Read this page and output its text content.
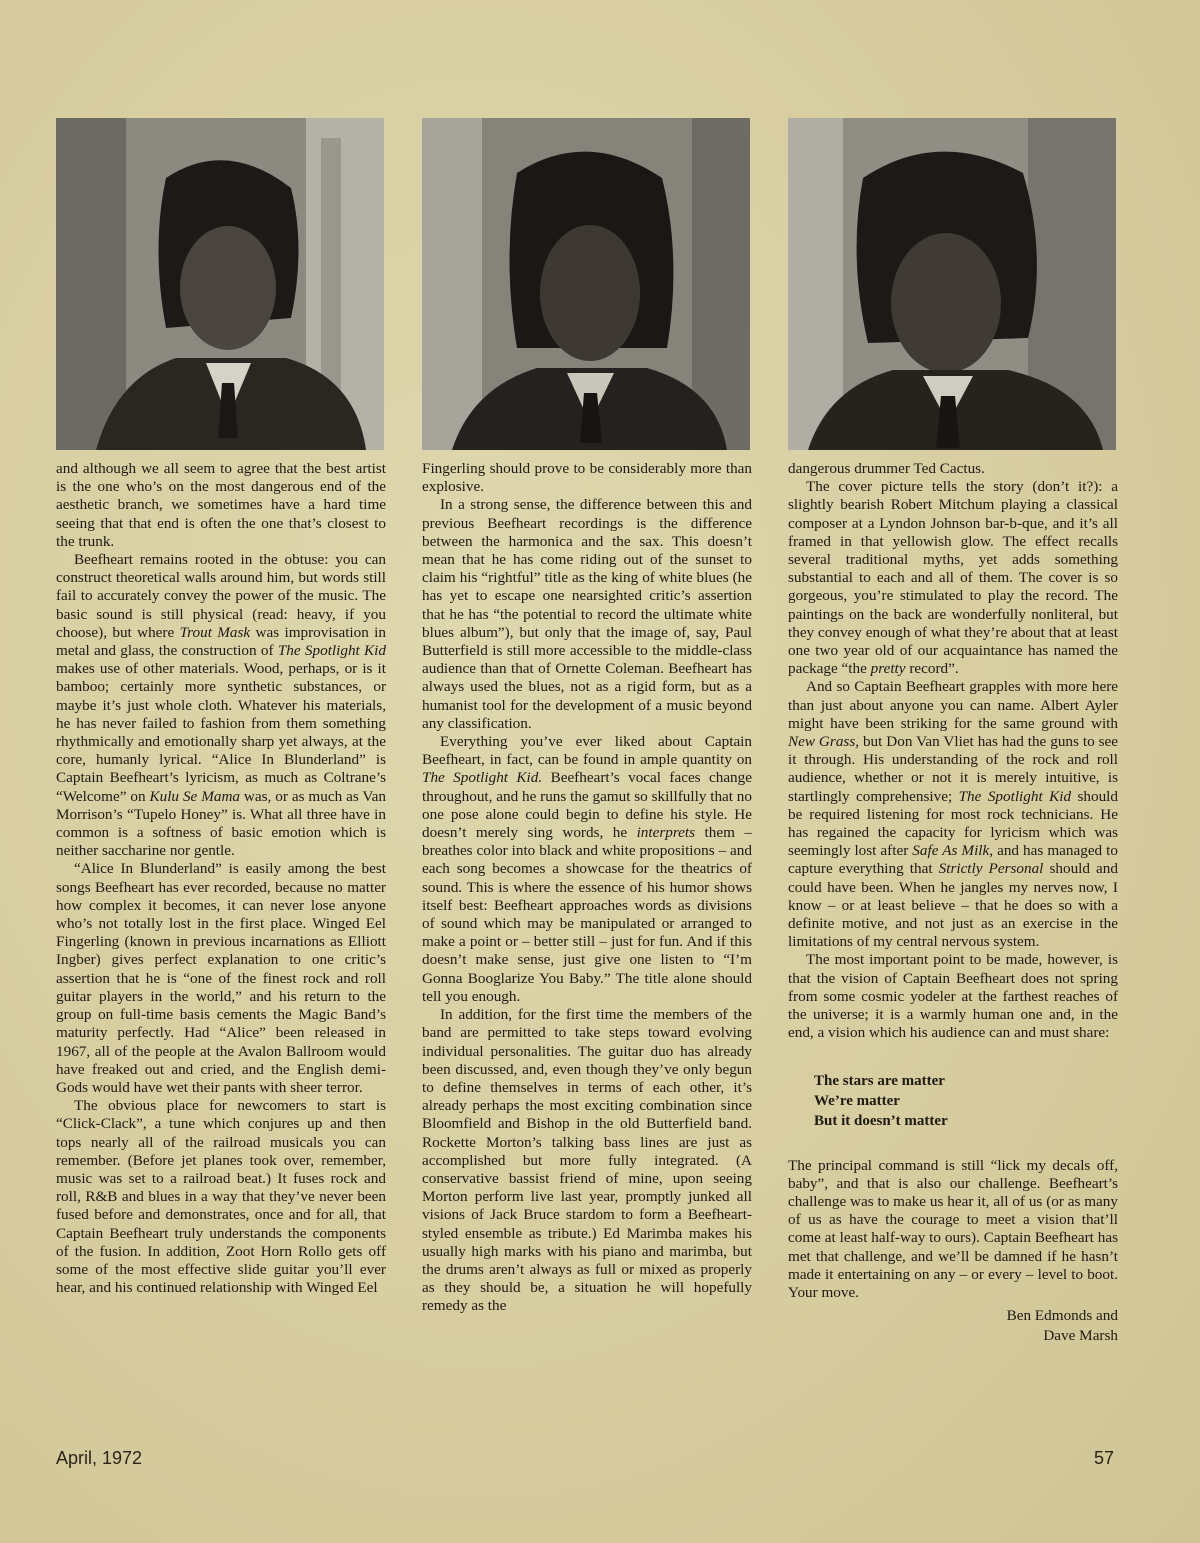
and although we all seem to agree that the best artist is the one who’s on the most dangerous end of the aesthetic branch, we sometimes have a hard time seeing that that end is often the one that’s closest to the trunk.

Beefheart remains rooted in the obtuse: you can construct theoretical walls around him, but words still fail to accurately convey the power of the music. The basic sound is still physical (read: heavy, if you choose), but where Trout Mask was improvisation in metal and glass, the construction of The Spotlight Kid makes use of other materials. Wood, perhaps, or is it bamboo; certainly more synthetic substances, or maybe it’s just whole cloth. Whatever his materials, he has never failed to fashion from them something rhythmically and emotionally sharp yet always, at the core, humanly lyrical. “Alice In Blunderland” is Captain Beefheart’s lyricism, as much as Coltrane’s “Welcome” on Kulu Se Mama was, or as much as Van Morrison’s “Tupelo Honey” is. What all three have in common is a softness of basic emotion which is neither saccharine nor gentle.

“Alice In Blunderland” is easily among the best songs Beefheart has ever recorded, because no matter how complex it becomes, it can never lose anyone who’s not totally lost in the first place. Winged Eel Fingerling (known in previous incarnations as Elliott Ingber) gives perfect explanation to one critic’s assertion that he is “one of the finest rock and roll guitar players in the world,” and his return to the group on full-time basis cements the Magic Band’s maturity perfectly. Had “Alice” been released in 1967, all of the people at the Avalon Ballroom would have freaked out and cried, and the English demi-Gods would have wet their pants with sheer terror.

The obvious place for newcomers to start is “Click-Clack”, a tune which conjures up and then tops nearly all of the railroad musicals you can remember. (Before jet planes took over, remember, music was set to a railroad beat.) It fuses rock and roll, R&B and blues in a way that they’ve never been fused before and demonstrates, once and for all, that Captain Beefheart truly understands the components of the fusion. In addition, Zoot Horn Rollo gets off some of the most effective slide guitar you’ll ever hear, and his continued relationship with Winged Eel

Fingerling should prove to be considerably more than explosive.

In a strong sense, the difference between this and previous Beefheart recordings is the difference between the harmonica and the sax. This doesn’t mean that he has come riding out of the sunset to claim his “rightful” title as the king of white blues (he has yet to escape one nearsighted critic’s assertion that he has “the potential to record the ultimate white blues album”), but only that the image of, say, Paul Butterfield is still more accessible to the middle-class audience than that of Ornette Coleman. Beefheart has always used the blues, not as a rigid form, but as a humanist tool for the development of a music beyond any classification.

Everything you’ve ever liked about Captain Beefheart, in fact, can be found in ample quantity on The Spotlight Kid. Beefheart’s vocal faces change throughout, and he runs the gamut so skillfully that no one pose alone could begin to define his style. He doesn’t merely sing words, he interprets them – breathes color into black and white propositions – and each song becomes a showcase for the theatrics of sound. This is where the essence of his humor shows itself best: Beefheart approaches words as divisions of sound which may be manipulated or arranged to make a point or – better still – just for fun. And if this doesn’t make sense, just give one listen to “I’m Gonna Booglarize You Baby.” The title alone should tell you enough.

In addition, for the first time the members of the band are permitted to take steps toward evolving individual personalities. The guitar duo has already been discussed, and, even though they’ve only begun to define themselves in terms of each other, it’s already perhaps the most exciting combination since Bloomfield and Bishop in the old Butterfield band. Rockette Morton’s talking bass lines are just as accomplished but more fully integrated. (A conservative bassist friend of mine, upon seeing Morton perform live last year, promptly junked all visions of Jack Bruce stardom to form a Beefheart-styled ensemble as tribute.) Ed Marimba makes his usually high marks with his piano and marimba, but the drums aren’t always as full or mixed as properly as they should be, a situation he will hopefully remedy as the

dangerous drummer Ted Cactus.

The cover picture tells the story (don’t it?): a slightly bearish Robert Mitchum playing a classical composer at a Lyndon Johnson bar-b-que, and it’s all framed in that yellowish glow. The effect recalls several traditional myths, yet adds something substantial to each and all of them. The cover is so gorgeous, you’re stimulated to play the record. The paintings on the back are wonderfully nonliteral, but they convey enough of what they’re about that at least one two year old of our acquaintance has named the package “the pretty record”.

And so Captain Beefheart grapples with more here than just about anyone you can name. Albert Ayler might have been striking for the same ground with New Grass, but Don Van Vliet has had the guns to see it through. His understanding of the rock and roll audience, whether or not it is merely intuitive, is startlingly comprehensive; The Spotlight Kid should be required listening for most rock technicians. He has regained the capacity for lyricism which was seemingly lost after Safe As Milk, and has managed to capture everything that Strictly Personal should and could have been. When he jangles my nerves now, I know – or at least believe – that he does so with a definite motive, and not just as an exercise in the limitations of my central nervous system.

The most important point to be made, however, is that the vision of Captain Beefheart does not spring from some cosmic yodeler at the farthest reaches of the universe; it is a warmly human one and, in the end, a vision which his audience can and must share:

The stars are matter
We’re matter
But it doesn’t matter

The principal command is still “lick my decals off, baby”, and that is also our challenge. Beefheart’s challenge was to make us hear it, all of us (or as many of us as have the courage to meet a vision that’ll come at least half-way to ours). Captain Beefheart has met that challenge, and we’ll be damned if he hasn’t made it entertaining on any – or every – level to boot. Your move.

Ben Edmonds and
Dave Marsh
April, 1972	57
